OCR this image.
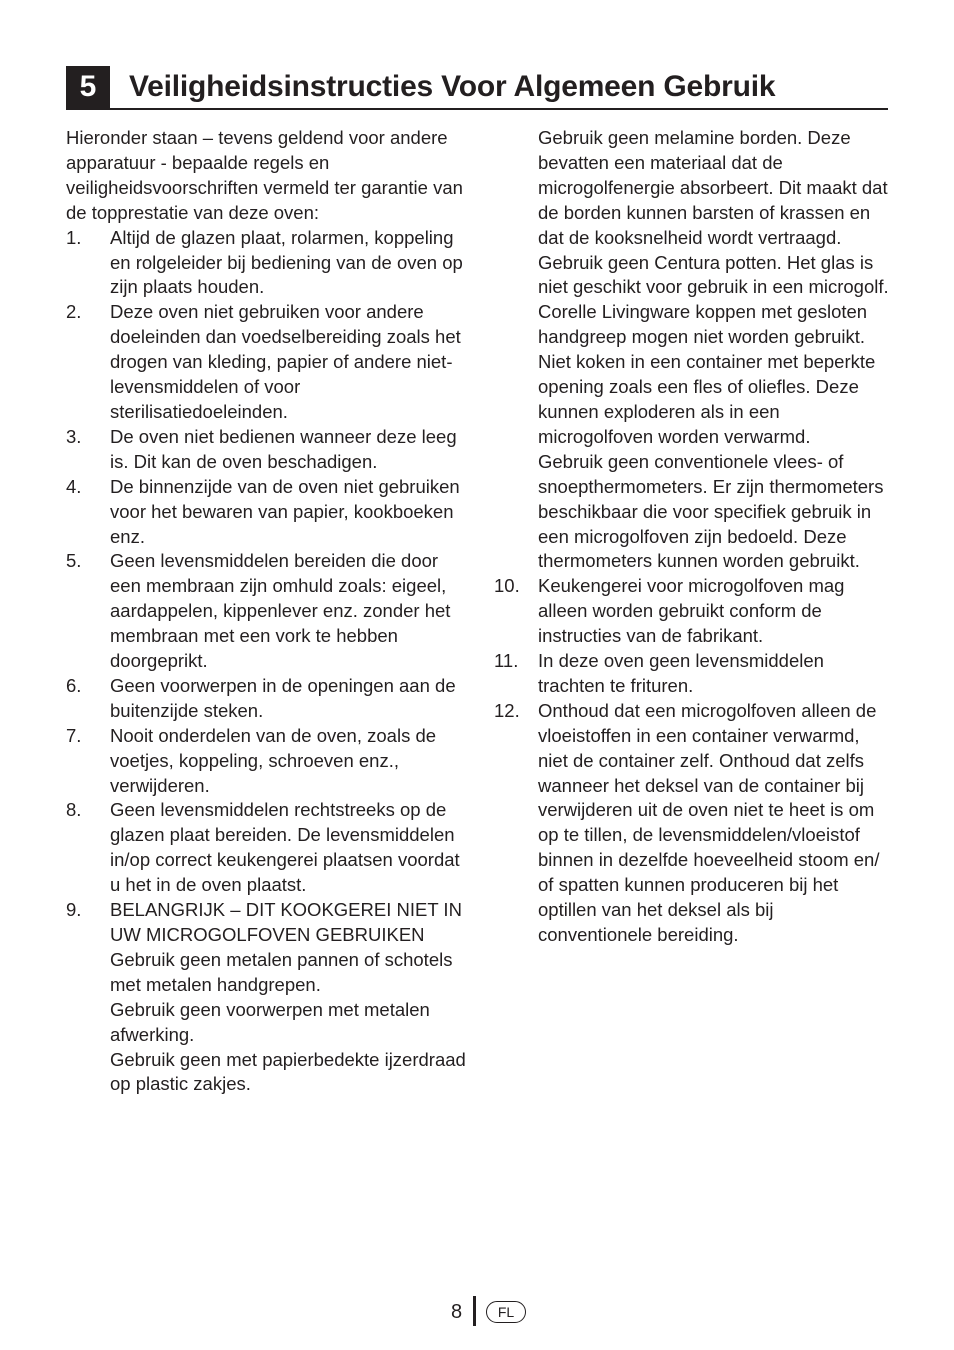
5	Veiligheidsinstructies Voor Algemeen Gebruik

Hieronder staan – tevens geldend voor andere apparatuur - bepaalde regels en veiligheidsvoorschriften vermeld ter garantie van de topprestatie van deze oven:

1.	Altijd de glazen plaat, rolarmen, koppeling en rolgeleider bij bediening van de oven op zijn plaats houden.
2.	Deze oven niet gebruiken voor andere doeleinden dan voedselbereiding zoals het drogen van kleding, papier of andere niet-levensmiddelen of voor sterilisatiedoeleinden.
3.	De oven niet bedienen wanneer deze leeg is. Dit kan de oven beschadigen.
4.	De binnenzijde van de oven niet gebruiken voor het bewaren van papier, kookboeken enz.
5.	Geen levensmiddelen bereiden die door een membraan zijn omhuld zoals: eigeel, aardappelen, kippenlever enz. zonder het membraan met een vork te hebben doorgeprikt.
6.	Geen voorwerpen in de openingen aan de buitenzijde steken.
7.	Nooit onderdelen van de oven, zoals de voetjes, koppeling, schroeven enz., verwijderen.
8.	Geen levensmiddelen rechtstreeks op de glazen plaat bereiden. De levensmiddelen in/op correct keukengerei plaatsen voordat u het in de oven plaatst.
9.	BELANGRIJK – DIT KOOKGEREI NIET IN UW MICROGOLFOVEN GEBRUIKEN

Gebruik geen metalen pannen of schotels met metalen handgrepen.

Gebruik geen voorwerpen met metalen afwerking.

Gebruik geen met papierbedekte ijzerdraad op plastic zakjes.

Gebruik geen melamine borden. Deze bevatten een materiaal dat de microgolfenergie absorbeert. Dit maakt dat de borden kunnen barsten of krassen en dat de kooksnelheid wordt vertraagd.

Gebruik geen Centura potten. Het glas is niet geschikt voor gebruik in een microgolf. Corelle Livingware koppen met gesloten handgreep mogen niet worden gebruikt.

Niet koken in een container met beperkte opening zoals een fles of oliefles. Deze kunnen exploderen als in een microgolfoven worden verwarmd.

Gebruik geen conventionele vlees- of snoepthermometers. Er zijn thermometers beschikbaar die voor specifiek gebruik in een microgolfoven zijn bedoeld. Deze thermometers kunnen worden gebruikt.

10. Keukengerei voor microgolfoven mag alleen worden gebruikt conform de instructies van de fabrikant.
11.	In deze oven geen levensmiddelen trachten te frituren.
12. Onthoud dat een microgolfoven alleen de vloeistoffen in een container verwarmd, niet de container zelf. Onthoud dat zelfs wanneer het deksel van de container bij verwijderen uit de oven niet te heet is om op te tillen, de levensmiddelen/vloeistof binnen in dezelfde hoeveelheid stoom en/ of spatten kunnen produceren bij het optillen van het deksel als bij conventionele bereiding.
8	FL
